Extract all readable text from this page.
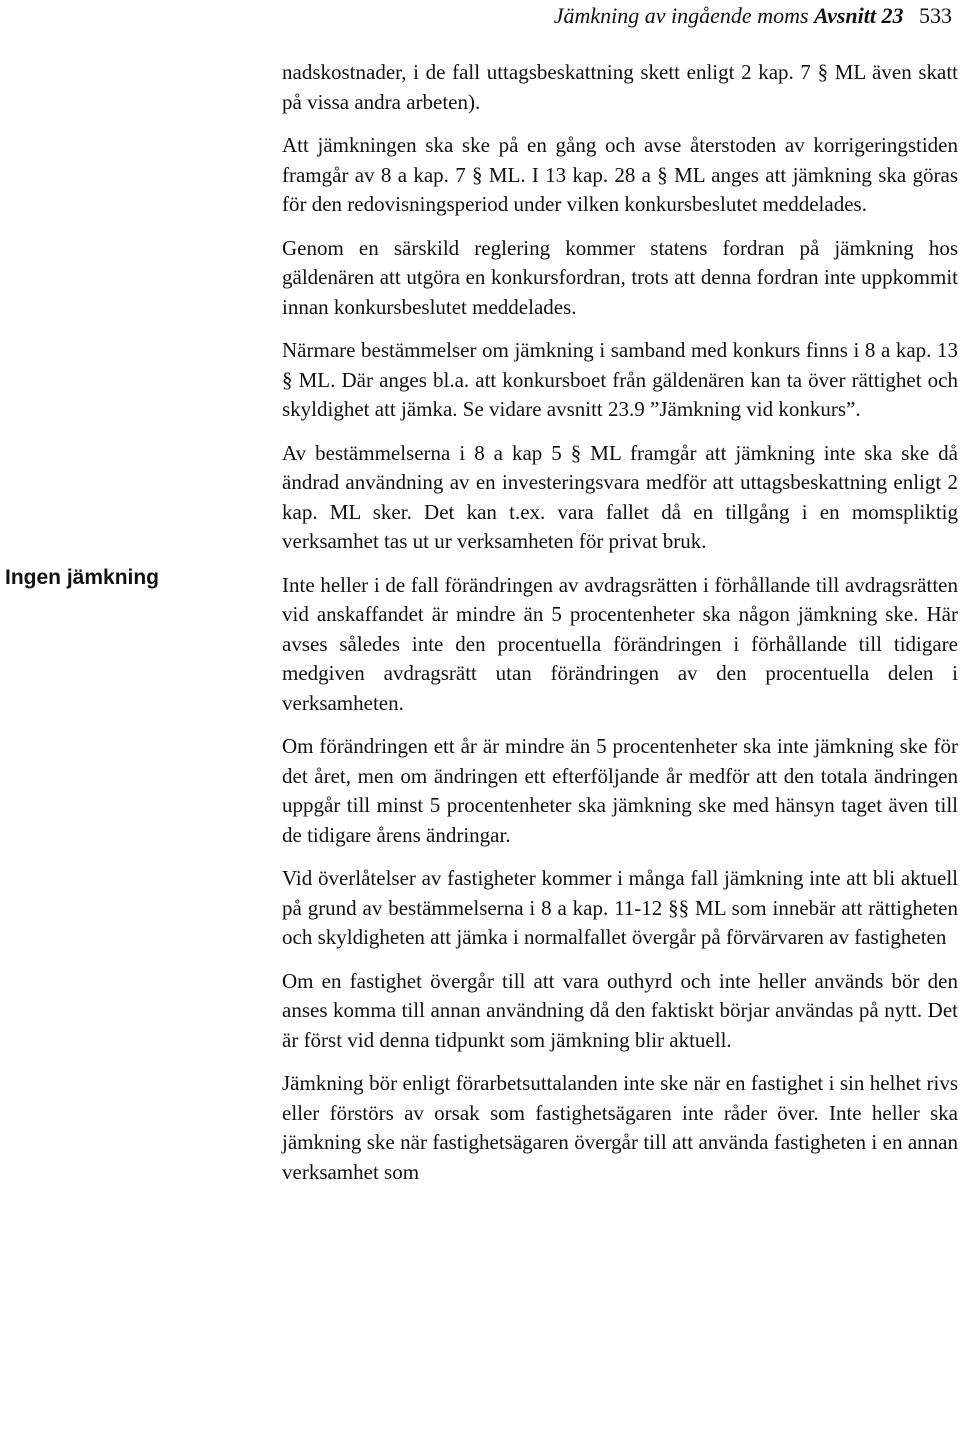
Jämkning av ingående moms Avsnitt 23 533
Ingen jämkning

nadskostnader, i de fall uttagsbeskattning skett enligt 2 kap. 7 § ML även skatt på vissa andra arbeten).

Att jämkningen ska ske på en gång och avse återstoden av korrigeringstiden framgår av 8 a kap. 7 § ML. I 13 kap. 28 a § ML anges att jämkning ska göras för den redovisningsperiod under vilken konkursbeslutet meddelades.

Genom en särskild reglering kommer statens fordran på jämkning hos gäldenären att utgöra en konkursfordran, trots att denna fordran inte uppkommit innan konkursbeslutet meddelades.

Närmare bestämmelser om jämkning i samband med konkurs finns i 8 a kap. 13 § ML. Där anges bl.a. att konkursboet från gäldenären kan ta över rättighet och skyldighet att jämka. Se vidare avsnitt 23.9 ”Jämkning vid konkurs”.

Av bestämmelserna i 8 a kap 5 § ML framgår att jämkning inte ska ske då ändrad användning av en investeringsvara medför att uttagsbeskattning enligt 2 kap. ML sker. Det kan t.ex. vara fallet då en tillgång i en momspliktig verksamhet tas ut ur verksamheten för privat bruk.

Inte heller i de fall förändringen av avdragsrätten i förhållande till avdragsrätten vid anskaffandet är mindre än 5 procentenheter ska någon jämkning ske. Här avses således inte den procentuella förändringen i förhållande till tidigare medgiven avdragsrätt utan förändringen av den procentuella delen i verksamheten.

Om förändringen ett år är mindre än 5 procentenheter ska inte jämkning ske för det året, men om ändringen ett efterföljande år medför att den totala ändringen uppgår till minst 5 procentenheter ska jämkning ske med hänsyn taget även till de tidigare årens ändringar.

Vid överlåtelser av fastigheter kommer i många fall jämkning inte att bli aktuell på grund av bestämmelserna i 8 a kap. 11-12 §§ ML som innebär att rättigheten och skyldigheten att jämka i normalfallet övergår på förvärvaren av fastigheten

Om en fastighet övergår till att vara outhyrd och inte heller används bör den anses komma till annan användning då den faktiskt börjar användas på nytt. Det är först vid denna tidpunkt som jämkning blir aktuell.

Jämkning bör enligt förarbetsuttalanden inte ske när en fastighet i sin helhet rivs eller förstörs av orsak som fastighetsägaren inte råder över. Inte heller ska jämkning ske när fastighetsägaren övergår till att använda fastigheten i en annan verksamhet som
